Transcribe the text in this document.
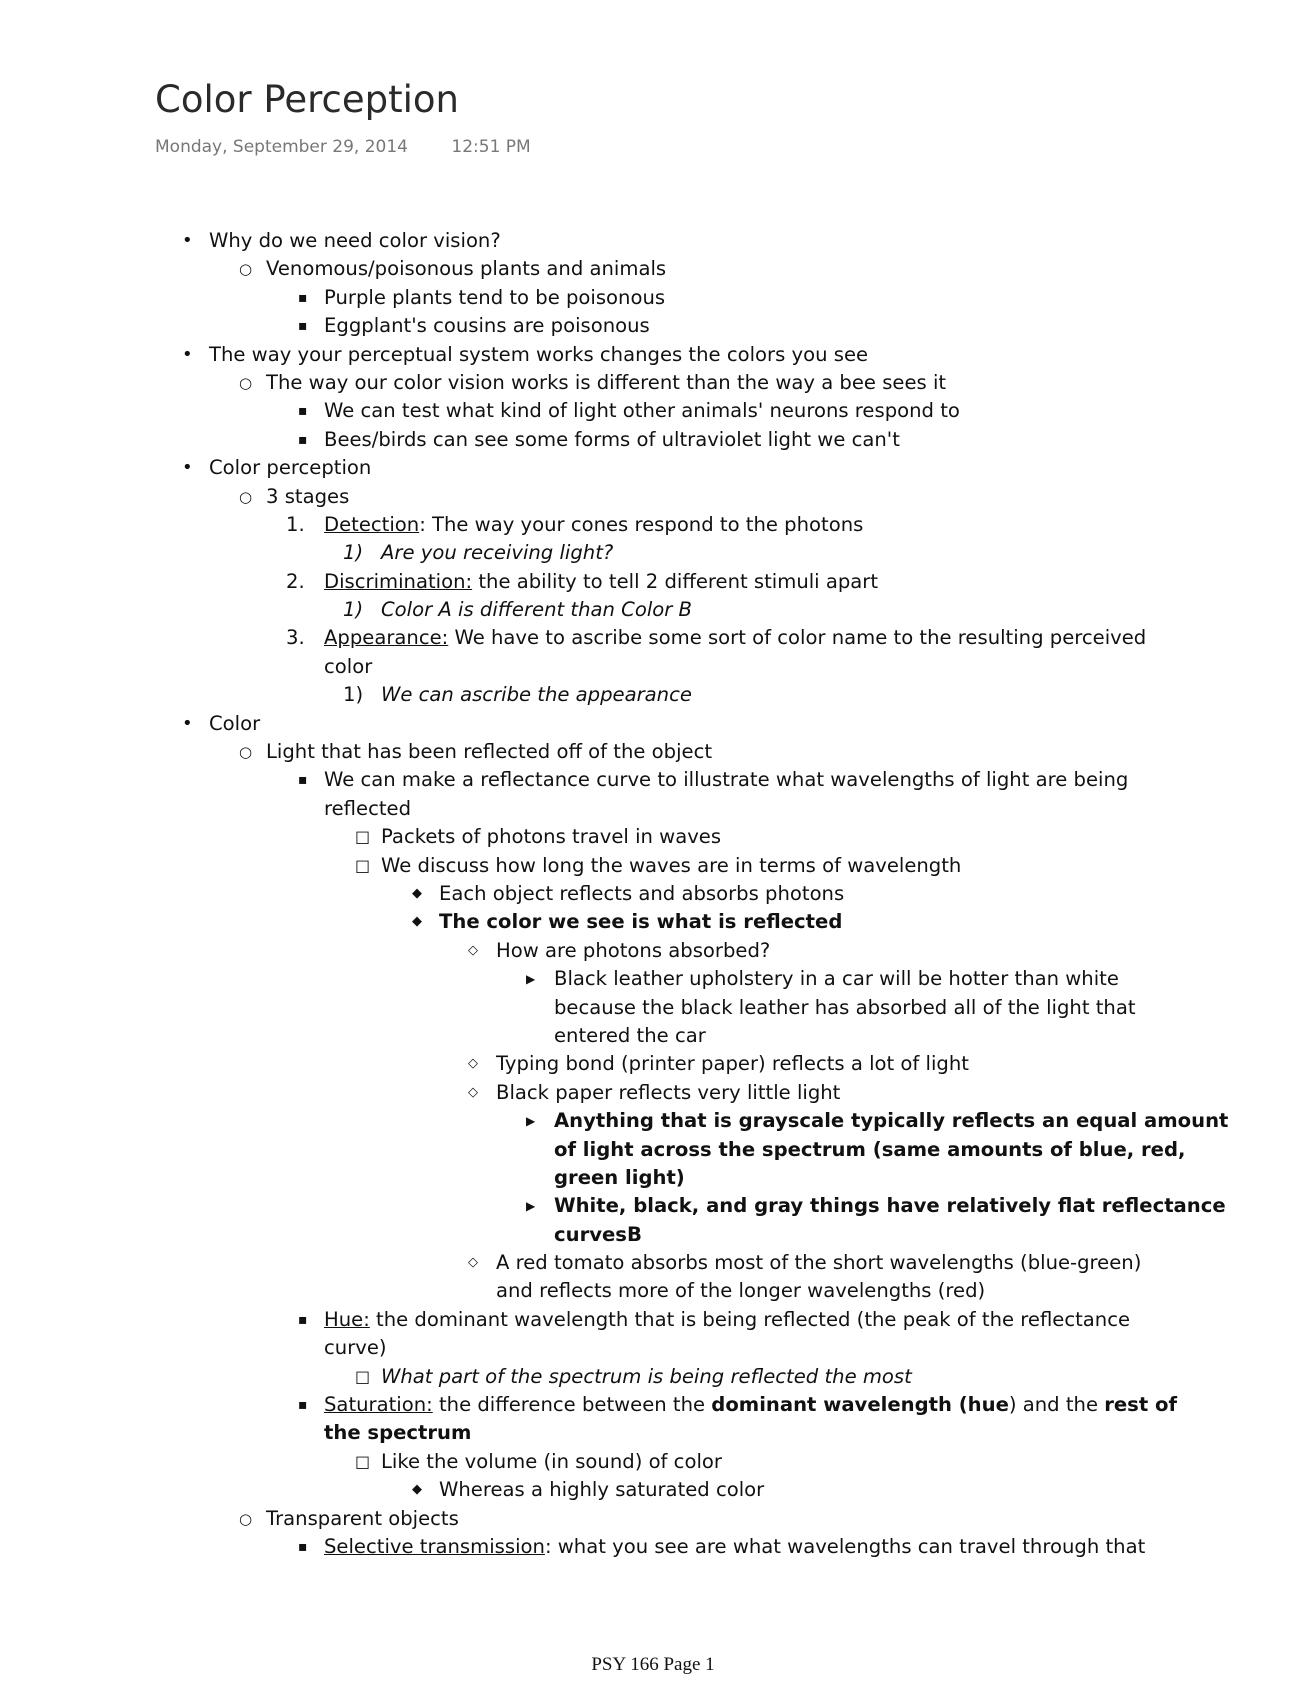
Color Perception
Monday, September 29, 2014	12:51 PM
• Why do we need color vision?
○ Venomous/poisonous plants and animals
▪ Purple plants tend to be poisonous
▪ Eggplant's cousins are poisonous
• The way your perceptual system works changes the colors you see
○ The way our color vision works is different than the way a bee sees it
▪ We can test what kind of light other animals' neurons respond to
▪ Bees/birds can see some forms of ultraviolet light we can't
• Color perception
○ 3 stages
1. Detection: The way your cones respond to the photons
1) Are you receiving light?
2. Discrimination: the ability to tell 2 different stimuli apart
1) Color A is different than Color B
3. Appearance: We have to ascribe some sort of color name to the resulting perceived
color
1) We can ascribe the appearance
• Color
○ Light that has been reflected off of the object
▪ We can make a reflectance curve to illustrate what wavelengths of light are being
reflected
□ Packets of photons travel in waves
□ We discuss how long the waves are in terms of wavelength
◆ Each object reflects and absorbs photons
◆ The color we see is what is reflected
◇ How are photons absorbed?
▶ Black leather upholstery in a car will be hotter than white
because the black leather has absorbed all of the light that
entered the car
◇ Typing bond (printer paper) reflects a lot of light
◇ Black paper reflects very little light
▶ Anything that is grayscale typically reflects an equal amount
of light across the spectrum (same amounts of blue, red,
green light)
▶ White, black, and gray things have relatively flat reflectance
curvesB
◇ A red tomato absorbs most of the short wavelengths (blue-green)
and reflects more of the longer wavelengths (red)
▪ Hue: the dominant wavelength that is being reflected (the peak of the reflectance
curve)
□ What part of the spectrum is being reflected the most
▪ Saturation: the difference between the dominant wavelength (hue) and the rest of
the spectrum
□ Like the volume (in sound) of color
◆ Whereas a highly saturated color
○ Transparent objects
▪ Selective transmission: what you see are what wavelengths can travel through that
PSY 166 Page 1
